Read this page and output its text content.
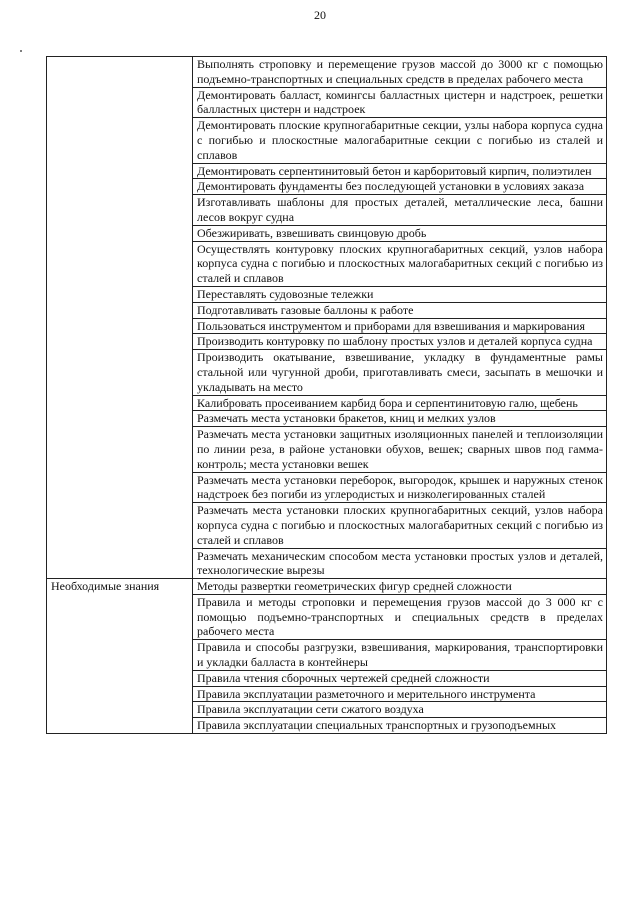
20
	Выполнять строповку и перемещение грузов массой до 3000 кг с помощью подъемно-транспортных и специальных средств в пределах рабочего места
	Демонтировать балласт, комингсы балластных цистерн и надстроек, решетки балластных цистерн и надстроек
	Демонтировать плоские крупногабаритные секции, узлы набора корпуса судна с погибью и плоскостные малогабаритные секции с погибью из сталей и сплавов
	Демонтировать серпентинитовый бетон и карборитовый кирпич, полиэтилен
	Демонтировать фундаменты без последующей установки в условиях заказа
	Изготавливать шаблоны для простых деталей, металлические леса, башни лесов вокруг судна
	Обезжиривать, взвешивать свинцовую дробь
	Осуществлять контуровку плоских крупногабаритных секций, узлов набора корпуса судна с погибью и плоскостных малогабаритных секций с погибью из сталей и сплавов
	Переставлять судовозные тележки
	Подготавливать газовые баллоны к работе
	Пользоваться инструментом и приборами для взвешивания и маркирования
	Производить контуровку по шаблону простых узлов и деталей корпуса судна
	Производить окатывание, взвешивание, укладку в фундаментные рамы стальной или чугунной дроби, приготавливать смеси, засыпать в мешочки и укладывать на место
	Калибровать просеиванием карбид бора и серпентинитовую галю, щебень
	Размечать места установки бракетов, книц и мелких узлов
	Размечать места установки защитных изоляционных панелей и теплоизоляции по линии реза, в районе установки обухов, вешек; сварных швов под гамма-контроль; места установки вешек
	Размечать места установки переборок, выгородок, крышек и наружных стенок надстроек без погиби из углеродистых и низколегированных сталей
	Размечать места установки плоских крупногабаритных секций, узлов набора корпуса судна с погибью и плоскостных малогабаритных секций с погибью из сталей и сплавов
	Размечать механическим способом места установки простых узлов и деталей, технологические вырезы
Необходимые знания	Методы развертки геометрических фигур средней сложности
	Правила и методы строповки и перемещения грузов массой до 3 000 кг с помощью подъемно-транспортных и специальных средств в пределах рабочего места
	Правила и способы разгрузки, взвешивания, маркирования, транспортировки и укладки балласта в контейнеры
	Правила чтения сборочных чертежей средней сложности
	Правила эксплуатации разметочного и мерительного инструмента
	Правила эксплуатации сети сжатого воздуха
	Правила эксплуатации специальных транспортных и грузоподъемных
